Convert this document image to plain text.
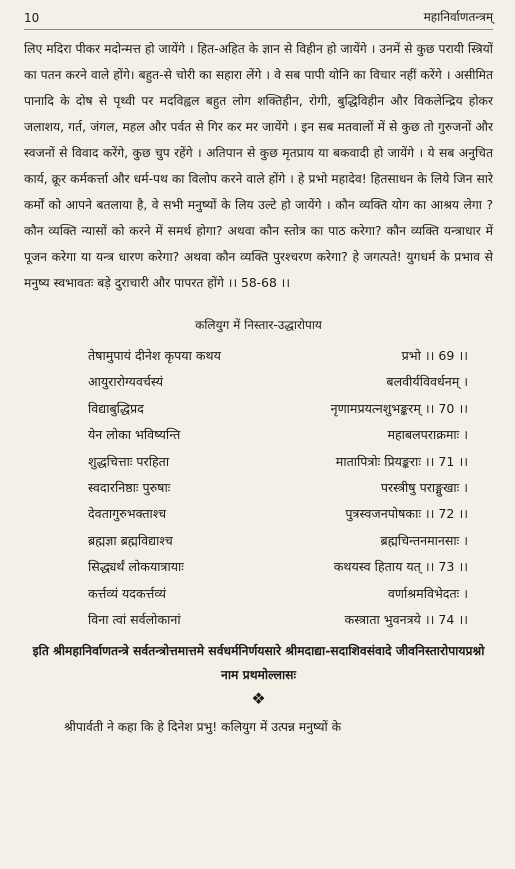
10	महानिर्वाणतन्त्रम्

लिए मदिरा पीकर मदोन्मत्त हो जायेंगे । हित-अहित के ज्ञान से विहीन हो जायेंगे । उनमें से कुछ परायी स्त्रियों का पतन करने वाले होंगे। बहुत-से चोरी का सहारा लेंगे । वे सब पापी योनि का विचार नहीं करेंगे । असीमित पानादि के दोष से पृथ्वी पर मदविह्वल बहुत लोग शक्तिहीन, रोगी, बुद्धिविहीन और विकलेन्द्रिय होकर जलाशय, गर्त, जंगल, महल और पर्वत से गिर कर मर जायेंगे । इन सब मतवालों में से कुछ तो गुरुजनों और स्वजनों से विवाद करेंगे, कुछ चुप रहेंगे । अतिपान से कुछ मृतप्राय या बकवादी हो जायेंगे । ये सब अनुचित कार्य, क्रूर कर्मकर्त्ता और धर्म-पथ का विलोप करने वाले होंगे । हे प्रभो महादेव! हितसाधन के लिये जिन सारे कर्मों को आपने बतलाया है, वे सभी मनुष्यों के लिय उल्टे हो जायेंगे । कौन व्यक्ति योग का आश्रय लेगा ? कौन व्यक्ति न्यासों को करने में समर्थ होगा? अथवा कौन स्तोत्र का पाठ करेगा? कौन व्यक्ति यन्त्राधार में पूजन करेगा या यन्त्र धारण करेगा? अथवा कौन व्यक्ति पुरश्चरण करेगा? हे जगत्पते! युगधर्म के प्रभाव से मनुष्य स्वभावतः बड़े दुराचारी और पापरत होंगे ।। 58-68 ।।

कलियुग में निस्तार-उद्धारोपाय
तेषामुपायं दीनेश कृपया कथय	प्रभो ।। 69 ।।
आयुरारोग्यवर्चस्यं	बलवीर्यविवर्धनम् ।
विद्याबुद्धिप्रद	नृणामप्रयत्नशुभङ्करम् ।। 70 ।।
येन लोका भविष्यन्ति	महाबलपराक्रमाः ।
शुद्धचित्ताः परहिता	मातापित्रोः प्रियङ्कराः ।। 71 ।।
स्वदारनिष्ठाः पुरुषाः	परस्त्रीषु पराङ्मुखाः ।
देवतागुरुभक्ताश्च	पुत्रस्वजनपोषकाः ।। 72 ।।
ब्रह्मज्ञा ब्रह्मविद्याश्च	ब्रह्मचिन्तनमानसाः ।
सिद्ध्यर्थं लोकयात्रायाः	कथयस्व हिताय यत् ।। 73 ।।
कर्त्तव्यं यदकर्त्तव्यं	वर्णाश्रमविभेदतः ।
विना त्वां सर्वलोकानां	कस्त्राता भुवनत्रये ।। 74 ।।
इति श्रीमहानिर्वाणतन्त्रे सर्वतन्त्रोत्तमात्तमे सर्वधर्मनिर्णयसारे श्रीमदाद्या-सदाशिवसंवादे जीवनिस्तारोपायप्रश्नो नाम प्रथमोल्लासः
❖
श्रीपार्वती ने कहा कि हे दिनेश प्रभु! कलियुग में उत्पन्न मनुष्यों के
